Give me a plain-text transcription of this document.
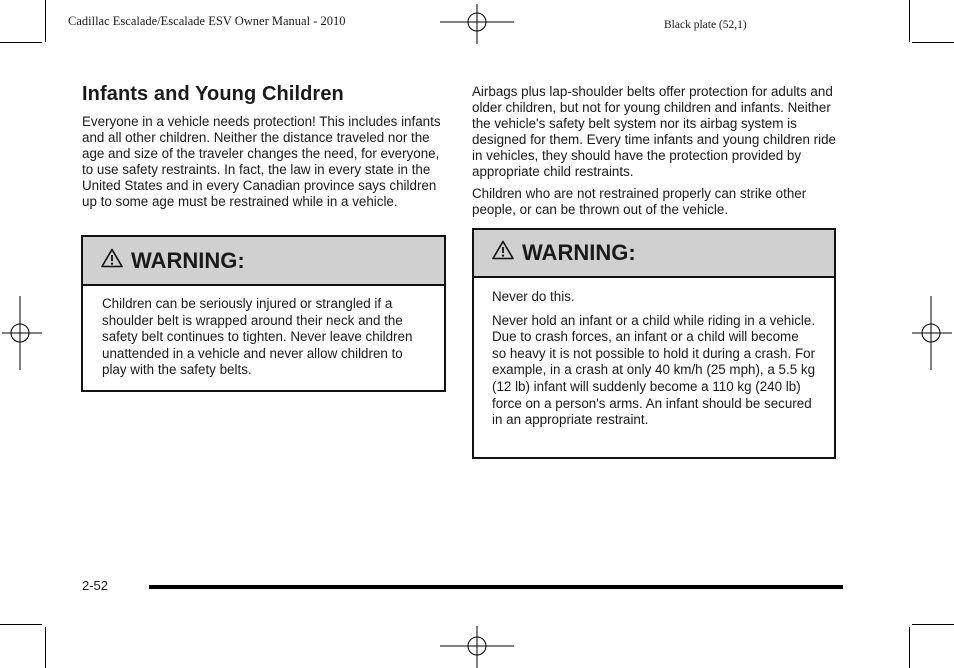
Cadillac Escalade/Escalade ESV Owner Manual - 2010	Black plate (52,1)
Infants and Young Children

Everyone in a vehicle needs protection! This includes infants and all other children. Neither the distance traveled nor the age and size of the traveler changes the need, for everyone, to use safety restraints. In fact, the law in every state in the United States and in every Canadian province says children up to some age must be restrained while in a vehicle.

WARNING:

Children can be seriously injured or strangled if a shoulder belt is wrapped around their neck and the safety belt continues to tighten. Never leave children unattended in a vehicle and never allow children to play with the safety belts.

Airbags plus lap-shoulder belts offer protection for adults and older children, but not for young children and infants. Neither the vehicle's safety belt system nor its airbag system is designed for them. Every time infants and young children ride in vehicles, they should have the protection provided by appropriate child restraints.

Children who are not restrained properly can strike other people, or can be thrown out of the vehicle.

WARNING:

Never do this.

Never hold an infant or a child while riding in a vehicle. Due to crash forces, an infant or a child will become so heavy it is not possible to hold it during a crash. For example, in a crash at only 40 km/h (25 mph), a 5.5 kg (12 lb) infant will suddenly become a 110 kg (240 lb) force on a person's arms. An infant should be secured in an appropriate restraint.

2-52
